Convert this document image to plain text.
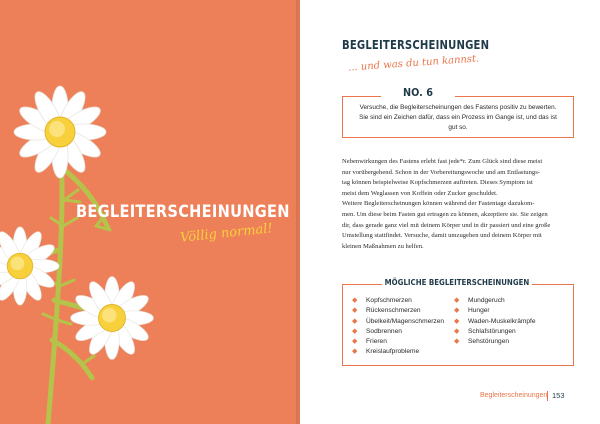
BEGLEITERSCHEINUNGEN
Völlig normal!
BEGLEITERSCHEINUNGEN
... und was du tun kannst.
Versuche, die Begleiterscheinungen des Fastens positiv zu bewerten.
Sie sind ein Zeichen dafür, dass ein Prozess im Gange ist, und das ist
gut so.
NO. 6
Nebenwirkungen des Fastens erlebt fast jede*r. Zum Glück sind diese meist
nur vorübergehend. Schon in der Vorbereitungswoche und am Entlastungs-
tag können beispielweise Kopfschmerzen auftreten. Dieses Symptom ist
meist dem Weglassen von Koffein oder Zucker geschuldet.
Weitere Begleiterscheinungen können während der Fastentage dazukom-
men. Um diese beim Fasten gut ertragen zu können, akzeptiere sie. Sie zeigen
dir, dass gerade ganz viel mit deinem Körper und in dir passiert und eine große
Umstellung stattfindet. Versuche, damit umzugehen und deinem Körper mit
kleinen Maßnahmen zu helfen.
MÖGLICHE BEGLEITERSCHEINUNGEN
◆ Kopfschmerzen
◆ Rückenschmerzen
◆ Übelkeit/Magenschmerzen
◆ Sodbrennen
◆ Frieren
◆ Kreislaufprobleme
◆ Mundgeruch
◆ Hunger
◆ Waden-Muskelkrämpfe
◆ Schlafstörungen
◆ Sehstörungen
Begleiterscheinungen 153
